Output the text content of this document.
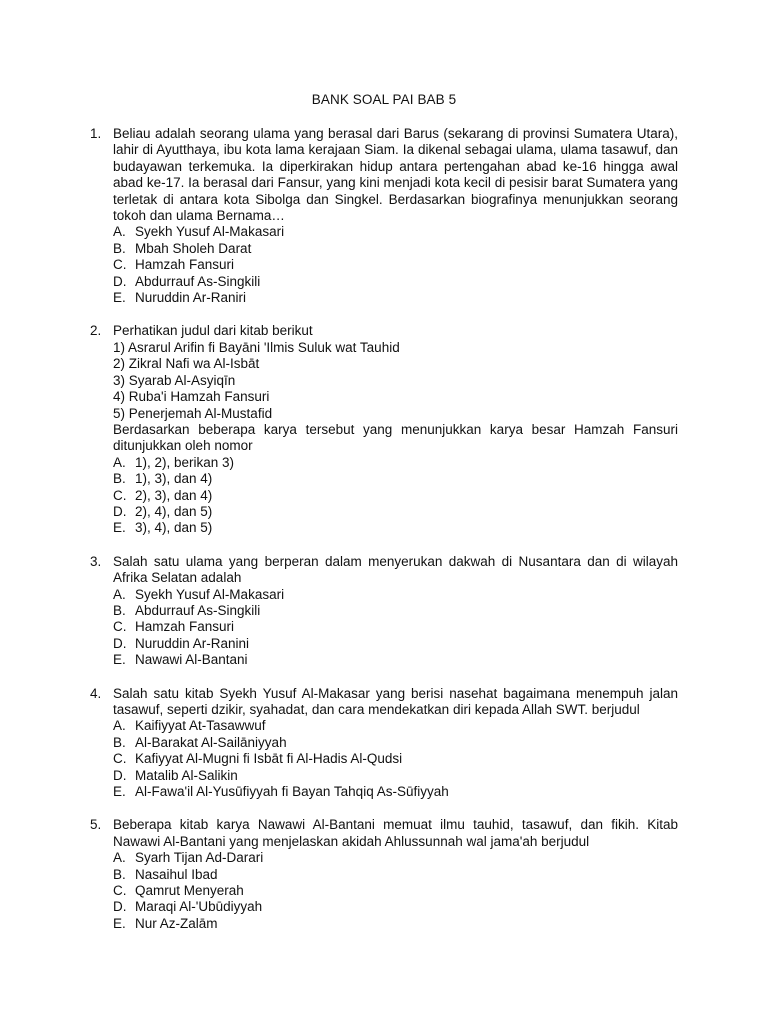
BANK SOAL PAI BAB 5
1. Beliau adalah seorang ulama yang berasal dari Barus (sekarang di provinsi Sumatera Utara), lahir di Ayutthaya, ibu kota lama kerajaan Siam. Ia dikenal sebagai ulama, ulama tasawuf, dan budayawan terkemuka. Ia diperkirakan hidup antara pertengahan abad ke-16 hingga awal abad ke-17. Ia berasal dari Fansur, yang kini menjadi kota kecil di pesisir barat Sumatera yang terletak di antara kota Sibolga dan Singkel. Berdasarkan biografinya menunjukkan seorang tokoh dan ulama Bernama…
A. Syekh Yusuf Al-Makasari
B. Mbah Sholeh Darat
C. Hamzah Fansuri
D. Abdurrauf As-Singkili
E. Nuruddin Ar-Raniri
2. Perhatikan judul dari kitab berikut
1) Asrarul Arifin fi Bayāni 'Ilmis Suluk wat Tauhid
2) Zikral Nafi wa Al-Isbāt
3) Syarab Al-Asyiqīn
4) Ruba'i Hamzah Fansuri
5) Penerjemah Al-Mustafid
Berdasarkan beberapa karya tersebut yang menunjukkan karya besar Hamzah Fansuri ditunjukkan oleh nomor
A. 1), 2), berikan 3)
B. 1), 3), dan 4)
C. 2), 3), dan 4)
D. 2), 4), dan 5)
E. 3), 4), dan 5)
3. Salah satu ulama yang berperan dalam menyerukan dakwah di Nusantara dan di wilayah Afrika Selatan adalah
A. Syekh Yusuf Al-Makasari
B. Abdurrauf As-Singkili
C. Hamzah Fansuri
D. Nuruddin Ar-Ranini
E. Nawawi Al-Bantani
4. Salah satu kitab Syekh Yusuf Al-Makasar yang berisi nasehat bagaimana menempuh jalan tasawuf, seperti dzikir, syahadat, dan cara mendekatkan diri kepada Allah SWT. berjudul
A. Kaifiyyat At-Tasawwuf
B. Al-Barakat Al-Sailāniyyah
C. Kafiyyat Al-Mugni fi Isbāt fi Al-Hadis Al-Qudsi
D. Matalib Al-Salikin
E. Al-Fawa'il Al-Yusūfiyyah fi Bayan Tahqiq As-Sūfiyyah
5. Beberapa kitab karya Nawawi Al-Bantani memuat ilmu tauhid, tasawuf, dan fikih. Kitab Nawawi Al-Bantani yang menjelaskan akidah Ahlussunnah wal jama'ah berjudul
A. Syarh Tijan Ad-Darari
B. Nasaihul Ibad
C. Qamrut Menyerah
D. Maraqi Al-'Ubūdiyyah
E. Nur Az-Zalām
